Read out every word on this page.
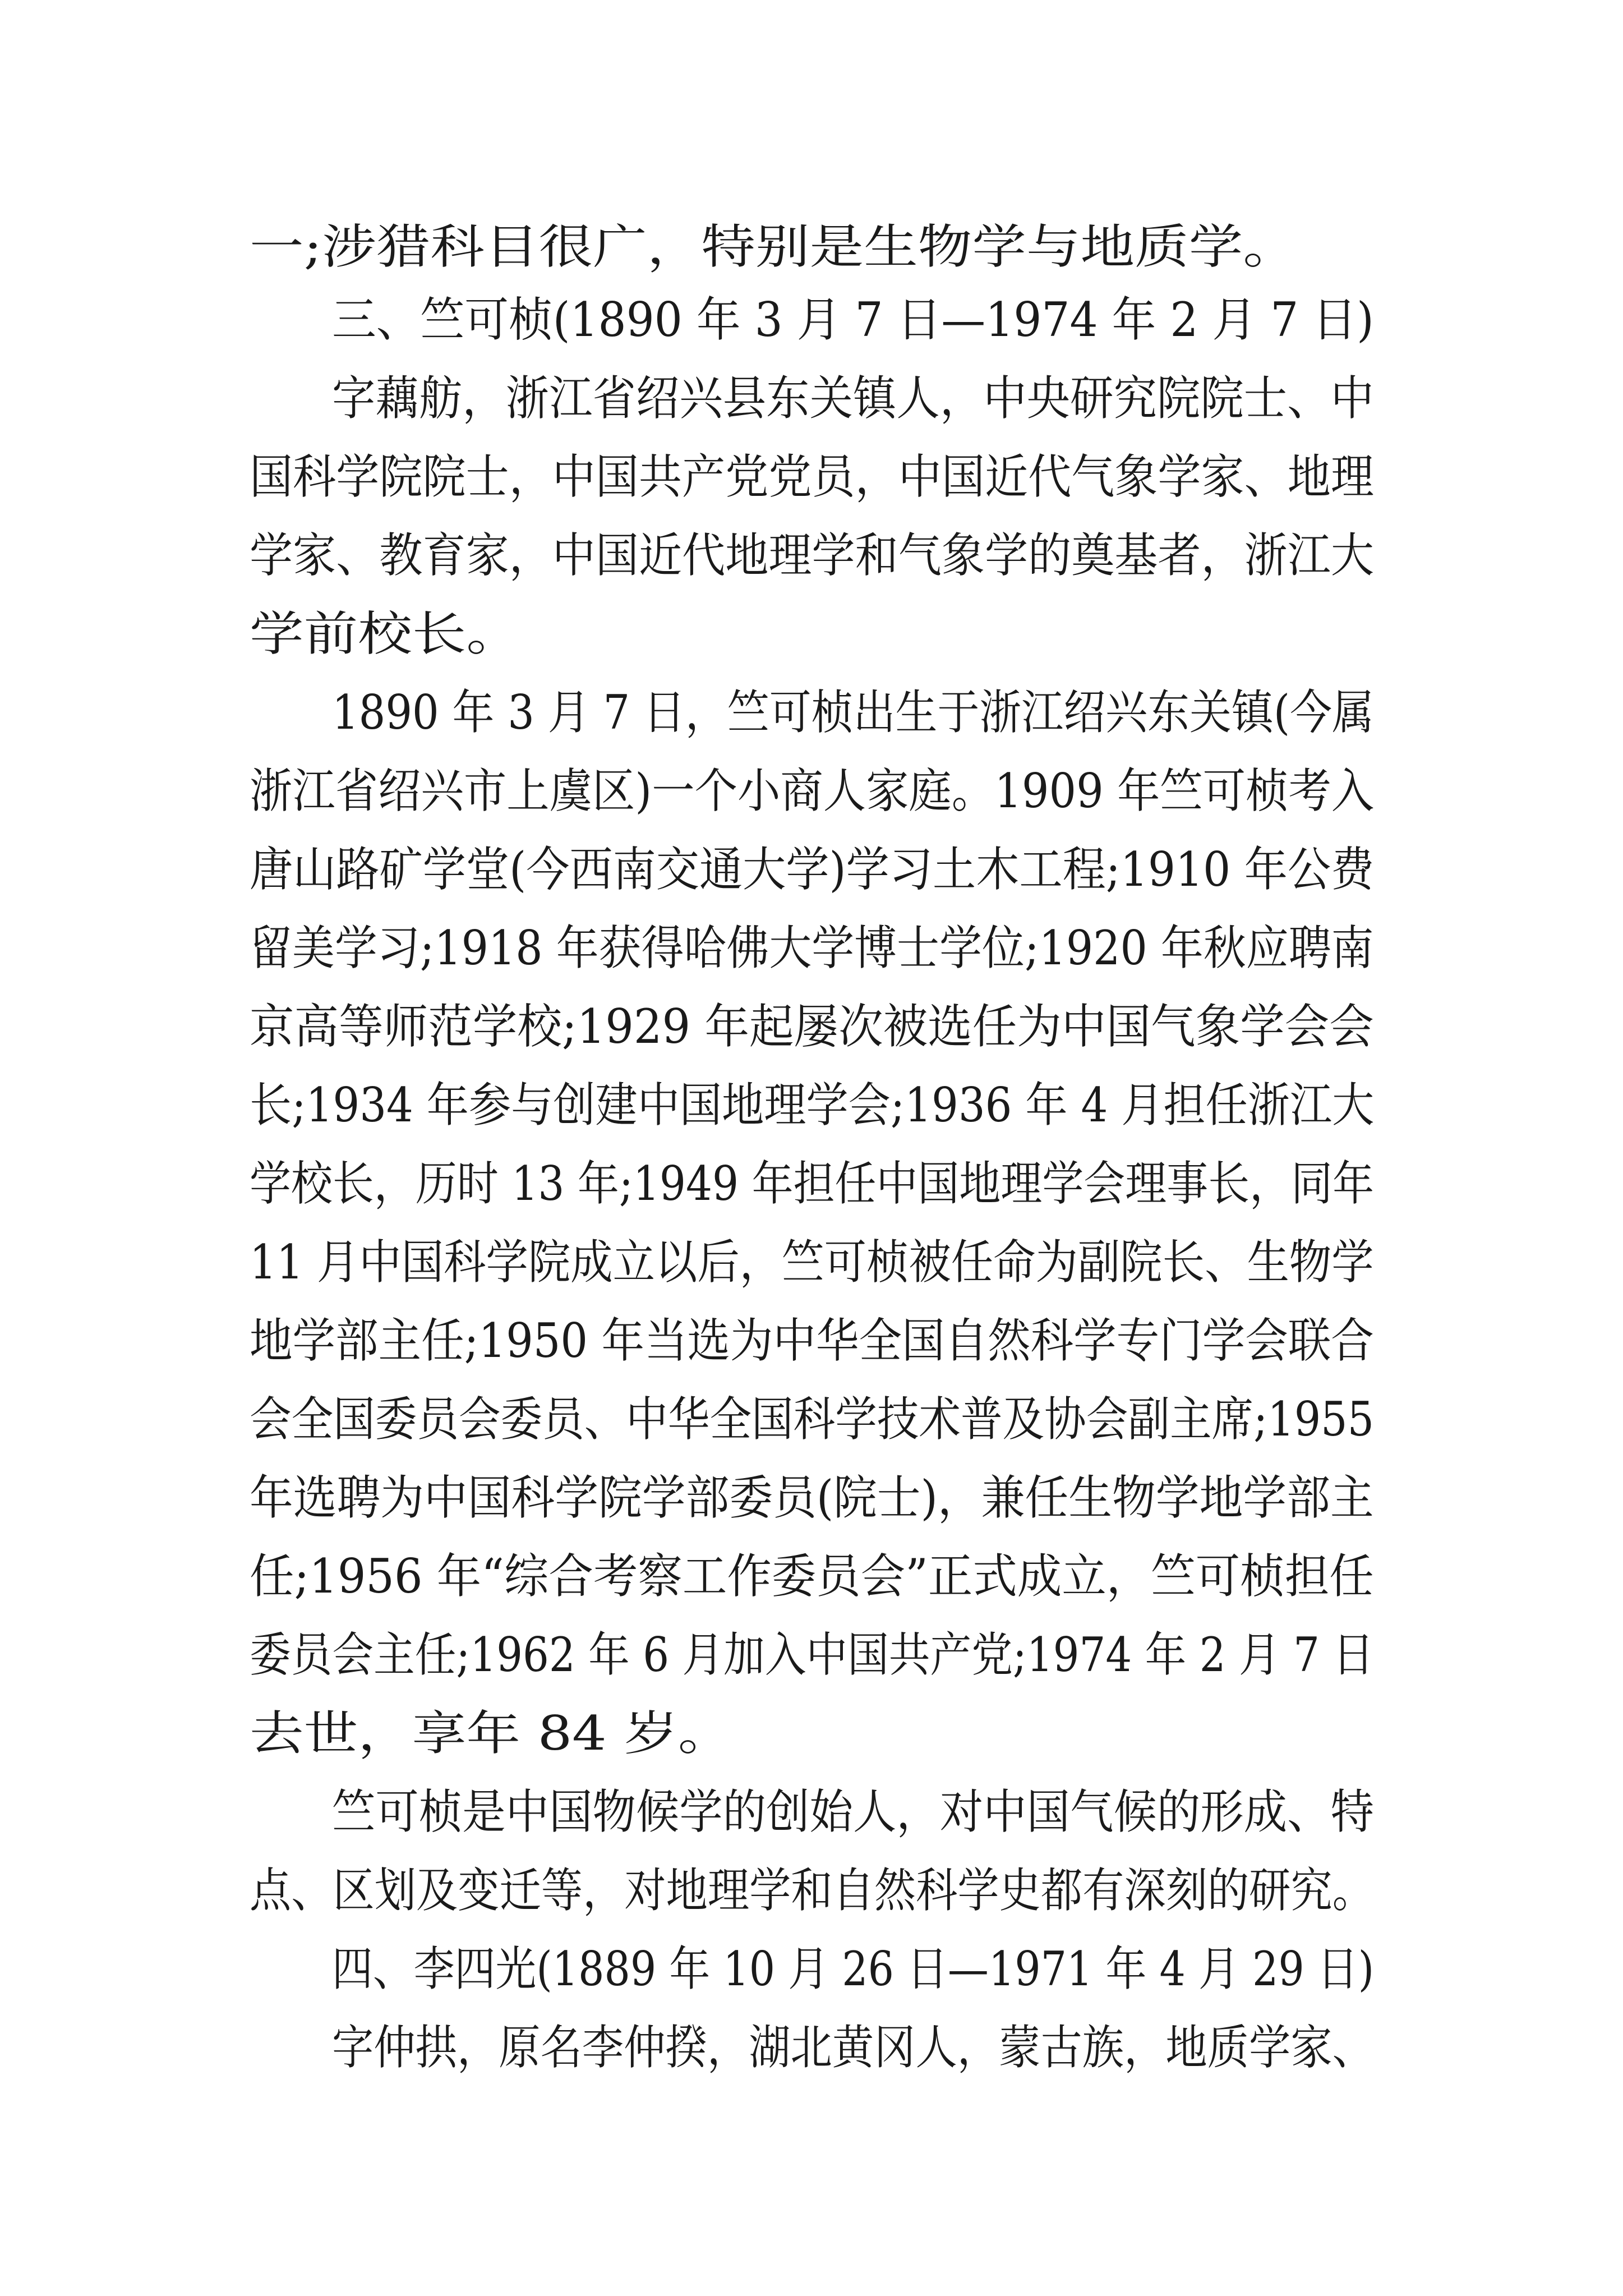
一;涉猎科目很广，特别是生物学与地质学。
三、竺可桢(1890 年 3 月 7 日—1974 年 2 月 7 日)
字藕舫，浙江省绍兴县东关镇人，中央研究院院士、中
国科学院院士，中国共产党党员，中国近代气象学家、地理
学家、教育家，中国近代地理学和气象学的奠基者，浙江大
学前校长。
1890 年 3 月 7 日，竺可桢出生于浙江绍兴东关镇(今属
浙江省绍兴市上虞区)一个小商人家庭。1909 年竺可桢考入
唐山路矿学堂(今西南交通大学)学习土木工程;1910 年公费
留美学习;1918 年获得哈佛大学博士学位;1920 年秋应聘南
京高等师范学校;1929 年起屡次被选任为中国气象学会会
长;1934 年参与创建中国地理学会;1936 年 4 月担任浙江大
学校长，历时 13 年;1949 年担任中国地理学会理事长，同年
11 月中国科学院成立以后，竺可桢被任命为副院长、生物学
地学部主任;1950 年当选为中华全国自然科学专门学会联合
会全国委员会委员、中华全国科学技术普及协会副主席;1955
年选聘为中国科学院学部委员(院士)，兼任生物学地学部主
任;1956 年“综合考察工作委员会”正式成立，竺可桢担任
委员会主任;1962 年 6 月加入中国共产党;1974 年 2 月 7 日
去世，享年 84 岁。
竺可桢是中国物候学的创始人，对中国气候的形成、特
点、区划及变迁等，对地理学和自然科学史都有深刻的研究。
四、李四光(1889 年 10 月 26 日—1971 年 4 月 29 日)
字仲拱，原名李仲揆，湖北黄冈人，蒙古族，地质学家、
